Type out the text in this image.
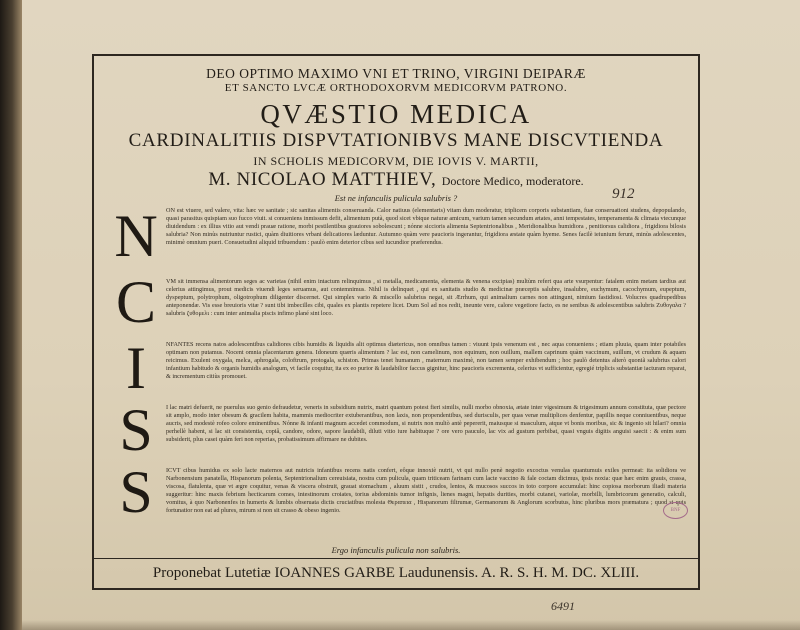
DEO OPTIMO MAXIMO VNI ET TRINO, VIRGINI DEIPARÆ
ET SANCTO LVCÆ ORTHODOXORVM MEDICORVM PATRONO.
QVÆSTIO MEDICA
CARDINALITIIS DISPVTATIONIBVS MANE DISCVTIENDA
IN SCHOLIS MEDICORVM, DIE IOVIS V. MARTII,
M. NICOLAO MATTHIEV, Doctore Medico, moderatore.
Est ne infanculis pulicula salubris ?	912
N
C
I
S
S
ON est viuere, sed valere, vita: hæc ve sanitate ; sic sanitas alimentis conseruanda. Calor natiuus (elementaris) vitam dum moderatur, triplicem corporis substantiam, fuæ conseruationi studens, depopulando, quasi parasitus quispiam suo fucco viuit. si conueniens inmissum defit, alimentum putà, quod sicet vbique naturæ amicum, varium tamen secundum ætates, anni tempestates, temperamenta & climata vtecunque diuidendum : ex illius vitio aut vendi prauæ ratione, morbi pestilentibus grauiores sobolescunt ; nónne siccioris alimenta Septentrionalibus , Meridionalibus humidiora , penitiorsus calidiora , frigidiora bilosis salubria? Non minùs nutriuntur rustici, quàm diuitiores vrbani delicatiores læduntur. Autumno quàm vere paucioris ingerantur, frigidiora æstate quàm hyeme. Senes facilè ieiunium ferunt, minùs adolescentes, minimè omnium pueri. Consuetudini aliquid tribuendum : paulò enim deterior cibus sed iucundior præferendus.
VM sit immensa alimentorum seges ac varietas (nihil enim intactum relinquimus , si metalla, medicamenta, elementa & venena excipias) multùm refert qua arte vsurpentur: fatalem enim metam tardius aut celerius attingimus, prout medicis viuendi leges seruamus, aut contemnimus. Nihil is delinquet , qui ex sanitatis studio & medicinæ præceptis salubre, insalubre, euchymum, cacochymum, eupeptum, dyspeptum, polytrophum, oligotrophum diligenter discernet. Qui simplex vario & miscello salubrius negat, sit Ærrhum, qui animalium carnes non attingunt, nimium fastidiosi. Volucres quadrupedibus anteponendæ. Vis esse breuioris vitæ ? sunt tibi imbecilles cibi, quales ex plantis repetere licet. Dum Sol ad nos redit, ineunte vere, calore vegetiore facto, es ne senibus & adolescentibus salubris Ζυθογαλα ? salubris ζυθομελι : cum inter animalia piscis infimo plané sint loco.
NFANTES recens natos adolescentibus calidiores cibis humidis & liquidis alit optimus diætericus, non omnibus tamen : viuunt ipsis venenum est , nec aqua conueniens ; etiam pluuia, quam inter potabiles optimam non putamus. Nocent omnia placentarum genera. Idoneum quæris alimentum ? lac est, non camelinum, non equinum, non ouillum, mallem caprinum quàm vaccinum, suillum, vt crudum & aquam reicimus. Exulent oxygala, melca, aphrogala, coloftrum, protogala, schiston. Primas tenet humanum , maternum maximè, non tamen semper exhibendum ; hoc paulò detentus alterò quoniã salubrius calori infantium habitudo & organis humidis analogum, vt facile coquitur, ita ex eo purior & laudabilior faccus gignitur, hinc paucioris excrementa, celerius vt sufficientur, egregié triplicis substantiæ iacturam reparat, & incrementum citiùs promouet.
I lac matri defuerit, ne puerulus suo genio defraudetur, veneris in subsidium nutrix, matri quantum potest fieri similis, nulli morbo obnoxia, ætate inter vigesimum & trigesimum annum constituta, quæ pectore sit amplo, modo inter obesum & gracilem habita, mammis mediocriter extuberantibus, non laxis, non propendentibus, sed durisculis, per quas venæ multiplices denfentur, papillis neque conniuentibus, neque aucris, sed modestè rofeo colore eminentibus. Nónne & infanti magnum accedet commodum, si nutrix non multò antè pepererit, maiusque si masculum, atque vt bonis moribus, sic & ingenio sit hilari? omnia perhellè habent, si lac sit consistentia, copiâ, candore, odore, sapore laudabili, diluti vitio iure habituque ? ore vero pauculo, lac vix ad gustum perbibat, quasi vnguis digitis anguisi saecit : & enim sum subsiderit, plus casei quàm feri non reperias, probatissimum affirmare ne dubites.
ICVT cibus humidus ex solo lacte maternos aut nutricis infantibus recens natis confert, eôque innoxiè nutrit, vt qui nullo penè negotio excoctus venulas quantumuis exiles permeat: ita solidiora ve Narbonensium panatella, Hispanorum polenta, Septentrionalium cereuisiata, nostra cum pulicula, quam triticeam farinam cum lacte vaccino & fale coctam dicimus, ipsis noxia: quæ hæc enim grauis, crassa, viscosa, flatulenta, quæ vt ægre coquitur, venas & viscera obstruit, grauat stomachum , aluum sistit , crudos, lentos, & mucosos succos in toto corpore accumulat: hinc copiosa morborum iliadi materia suggeritur: hinc maxis febrium hecticarum comes, intestinorum croiates, torius abdominis tumor infignis, lienes magni, hepatis durities, morbi cutanei, variolæ, morbilli, lumbricorum generatio, calculi, vomitus, à quo Narbonenfes in humeris & lumbis obseruata dictis cruciatibus molesta Θεραπεια , Hispanorum filtrumæ, Germanorum & Anglorum scorbutus, hinc pluribus mors præmatura ; quod si quis fortunatior non eat ad plures, mirum si non sit crasso & obeso ingenio.
Ergo infanculis pulicula non salubris.
Proponebat Lutetiæ IOANNES GARBE Laudunensis. A. R. S. H. M. DC. XLIII.
BNF
6491
